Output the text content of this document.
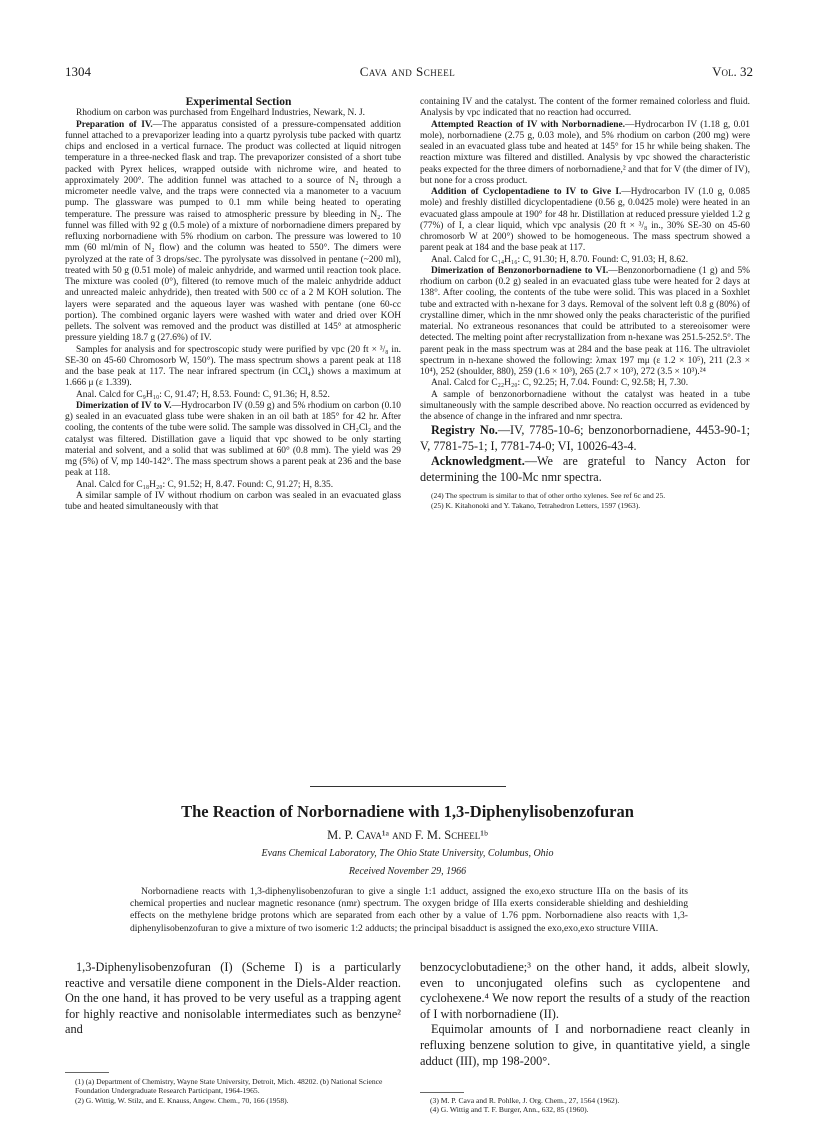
1304	Cava and Scheel	Vol. 32

Experimental Section

Rhodium on carbon was purchased from Engelhard Industries, Newark, N. J.

Preparation of IV.—The apparatus consisted of a pressure-compensated addition funnel attached to a prevaporizer leading into a quartz pyrolysis tube packed with quartz chips and enclosed in a vertical furnace. The product was collected at liquid nitrogen temperature in a three-necked flask and trap. The prevaporizer consisted of a short tube packed with Pyrex helices, wrapped outside with nichrome wire, and heated to approximately 200°. The addition funnel was attached to a source of N₂ through a micrometer needle valve, and the traps were connected via a manometer to a vacuum pump. The glassware was pumped to 0.1 mm while being heated to operating temperature. The pressure was raised to atmospheric pressure by bleeding in N₂. The funnel was filled with 92 g (0.5 mole) of a mixture of norbornadiene dimers prepared by refluxing norbornadiene with 5% rhodium on carbon. The pressure was lowered to 10 mm (60 ml/min of N₂ flow) and the column was heated to 550°. The dimers were pyrolyzed at the rate of 3 drops/sec. The pyrolysate was dissolved in pentane (~200 ml), treated with 50 g (0.51 mole) of maleic anhydride, and warmed until reaction took place. The mixture was cooled (0°), filtered (to remove much of the maleic anhydride adduct and unreacted maleic anhydride), then treated with 500 cc of a 2 M KOH solution. The layers were separated and the aqueous layer was washed with pentane (one 60-cc portion). The combined organic layers were washed with water and dried over KOH pellets. The solvent was removed and the product was distilled at 145° at atmospheric pressure yielding 18.7 g (27.6%) of IV.

Samples for analysis and for spectroscopic study were purified by vpc (20 ft × ³/₈ in. SE-30 on 45-60 Chromosorb W, 150°). The mass spectrum shows a parent peak at 118 and the base peak at 117. The near infrared spectrum (in CCl₄) shows a maximum at 1.666 μ (ε 1.339).

Anal. Calcd for C₉H₁₀: C, 91.47; H, 8.53. Found: C, 91.36; H, 8.52.

Dimerization of IV to V.—Hydrocarbon IV (0.59 g) and 5% rhodium on carbon (0.10 g) sealed in an evacuated glass tube were shaken in an oil bath at 185° for 42 hr. After cooling, the contents of the tube were solid. The sample was dissolved in CH₂Cl₂ and the catalyst was filtered. Distillation gave a liquid that vpc showed to be only starting material and solvent, and a solid that was sublimed at 60° (0.8 mm). The yield was 29 mg (5%) of V, mp 140-142°. The mass spectrum shows a parent peak at 236 and the base peak at 118.

Anal. Calcd for C₁₈H₂₀: C, 91.52; H, 8.47. Found: C, 91.27; H, 8.35.

A similar sample of IV without rhodium on carbon was sealed in an evacuated glass tube and heated simultaneously with that

containing IV and the catalyst. The content of the former remained colorless and fluid. Analysis by vpc indicated that no reaction had occurred.

Attempted Reaction of IV with Norbornadiene.—Hydrocarbon IV (1.18 g, 0.01 mole), norbornadiene (2.75 g, 0.03 mole), and 5% rhodium on carbon (200 mg) were sealed in an evacuated glass tube and heated at 145° for 15 hr while being shaken. The reaction mixture was filtered and distilled. Analysis by vpc showed the characteristic peaks expected for the three dimers of norbornadiene,² and that for V (the dimer of IV), but none for a cross product.

Addition of Cyclopentadiene to IV to Give I.—Hydrocarbon IV (1.0 g, 0.085 mole) and freshly distilled dicyclopentadiene (0.56 g, 0.0425 mole) were heated in an evacuated glass ampoule at 190° for 48 hr. Distillation at reduced pressure yielded 1.2 g (77%) of I, a clear liquid, which vpc analysis (20 ft × ³/₈ in., 30% SE-30 on 45-60 chromosorb W at 200°) showed to be homogeneous. The mass spectrum showed a parent peak at 184 and the base peak at 117.

Anal. Calcd for C₁₄H₁₆: C, 91.30; H, 8.70. Found: C, 91.03; H, 8.62.

Dimerization of Benzonorbornadiene to VI.—Benzonorbornadiene (1 g) and 5% rhodium on carbon (0.2 g) sealed in an evacuated glass tube were heated for 2 days at 138°. After cooling, the contents of the tube were solid. This was placed in a Soxhlet tube and extracted with n-hexane for 3 days. Removal of the solvent left 0.8 g (80%) of crystalline dimer, which in the nmr showed only the peaks characteristic of the purified material. No extraneous resonances that could be attributed to a stereoisomer were detected. The melting point after recrystallization from n-hexane was 251.5-252.5°. The parent peak in the mass spectrum was at 284 and the base peak at 116. The ultraviolet spectrum in n-hexane showed the following: λmax 197 mμ (ε 1.2 × 10⁵), 211 (2.3 × 10⁴), 252 (shoulder, 880), 259 (1.6 × 10³), 265 (2.7 × 10³), 272 (3.5 × 10³).²⁴

Anal. Calcd for C₂₂H₂₀: C, 92.25; H, 7.04. Found: C, 92.58; H, 7.30.

A sample of benzonorbornadiene without the catalyst was heated in a tube simultaneously with the sample described above. No reaction occurred as evidenced by the absence of change in the infrared and nmr spectra.

Registry No.—IV, 7785-10-6; benzonorbornadiene, 4453-90-1; V, 7781-75-1; I, 7781-74-0; VI, 10026-43-4.

Acknowledgment.—We are grateful to Nancy Acton for determining the 100-Mc nmr spectra.

(24) The spectrum is similar to that of other ortho xylenes. See ref 6c and 25.

(25) K. Kitahonoki and Y. Takano, Tetrahedron Letters, 1597 (1963).

The Reaction of Norbornadiene with 1,3-Diphenylisobenzofuran
M. P. Cava¹ᵃ and F. M. Scheel¹ᵇ
Evans Chemical Laboratory, The Ohio State University, Columbus, Ohio
Received November 29, 1966
Norbornadiene reacts with 1,3-diphenylisobenzofuran to give a single 1:1 adduct, assigned the exo,exo structure IIIa on the basis of its chemical properties and nuclear magnetic resonance (nmr) spectrum. The oxygen bridge of IIIa exerts considerable shielding and deshielding effects on the methylene bridge protons which are separated from each other by a value of 1.76 ppm. Norbornadiene also reacts with 1,3-diphenylisobenzofuran to give a mixture of two isomeric 1:2 adducts; the principal bisadduct is assigned the exo,exo,exo structure VIIIA.

1,3-Diphenylisobenzofuran (I) (Scheme I) is a particularly reactive and versatile diene component in the Diels-Alder reaction. On the one hand, it has proved to be very useful as a trapping agent for highly reactive and nonisolable intermediates such as benzyne² and

benzocyclobutadiene;³ on the other hand, it adds, albeit slowly, even to unconjugated olefins such as cyclopentene and cyclohexene.⁴ We now report the results of a study of the reaction of I with norbornadiene (II).

Equimolar amounts of I and norbornadiene react cleanly in refluxing benzene solution to give, in quantitative yield, a single adduct (III), mp 198-200°.

(1) (a) Department of Chemistry, Wayne State University, Detroit, Mich. 48202. (b) National Science Foundation Undergraduate Research Participant, 1964-1965.

(2) G. Wittig, W. Stilz, and E. Knauss, Angew. Chem., 70, 166 (1958).	(3) M. P. Cava and R. Pohlke, J. Org. Chem., 27, 1564 (1962).

(4) G. Wittig and T. F. Burger, Ann., 632, 85 (1960).
